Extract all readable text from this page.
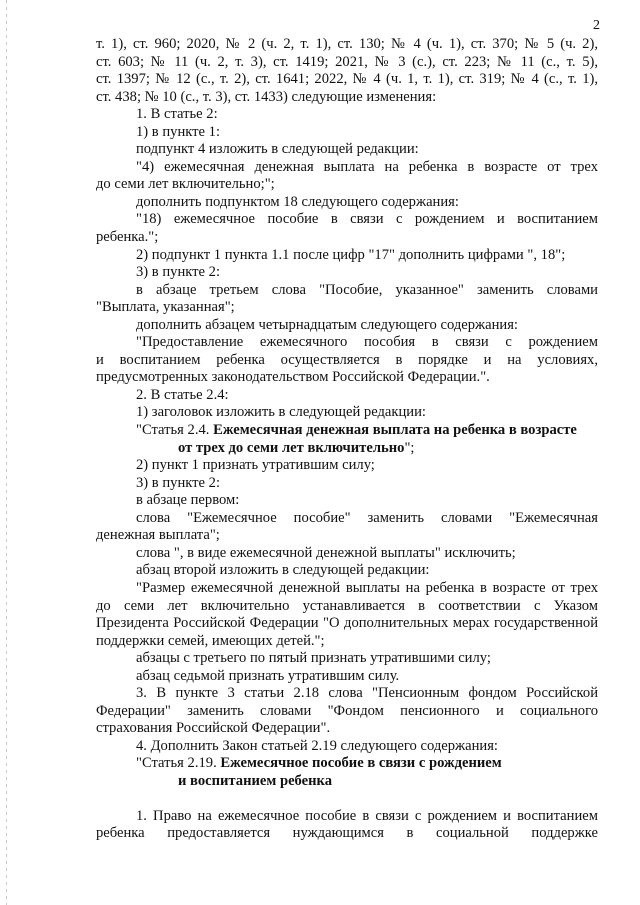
2

т. 1), ст. 960; 2020, № 2 (ч. 2, т. 1), ст. 130; № 4 (ч. 1), ст. 370; № 5 (ч. 2),

ст. 603; № 11 (ч. 2, т. 3), ст. 1419; 2021, № 3 (с.), ст. 223; № 11 (с., т. 5),

ст. 1397; № 12 (с., т. 2), ст. 1641; 2022, № 4 (ч. 1, т. 1), ст. 319; № 4 (с., т. 1),

ст. 438; № 10 (с., т. 3), ст. 1433) следующие изменения:

1. В статье 2:

1) в пункте 1:

подпункт 4 изложить в следующей редакции:

"4) ежемесячная денежная выплата на ребенка в возрасте от трех

до семи лет включительно;";

дополнить подпунктом 18 следующего содержания:

"18) ежемесячное пособие в связи с рождением и воспитанием

ребенка.";

2) подпункт 1 пункта 1.1 после цифр "17" дополнить цифрами ", 18";

3) в пункте 2:

в абзаце третьем слова "Пособие, указанное" заменить словами

"Выплата, указанная";

дополнить абзацем четырнадцатым следующего содержания:

"Предоставление ежемесячного пособия в связи с рождением

и воспитанием ребенка осуществляется в порядке и на условиях,

предусмотренных законодательством Российской Федерации.".

2. В статье 2.4:

1) заголовок изложить в следующей редакции:

"Статья 2.4. Ежемесячная денежная выплата на ребенка в возрасте

от трех до семи лет включительно";

2) пункт 1 признать утратившим силу;

3) в пункте 2:

в абзаце первом:

слова "Ежемесячное пособие" заменить словами "Ежемесячная

денежная выплата";

слова ", в виде ежемесячной денежной выплаты" исключить;

абзац второй изложить в следующей редакции:

"Размер ежемесячной денежной выплаты на ребенка в возрасте от трех

до семи лет включительно устанавливается в соответствии с Указом

Президента Российской Федерации "О дополнительных мерах государственной

поддержки семей, имеющих детей.";

абзацы с третьего по пятый признать утратившими силу;

абзац седьмой признать утратившим силу.

3. В пункте 3 статьи 2.18 слова "Пенсионным фондом Российской

Федерации" заменить словами "Фондом пенсионного и социального

страхования Российской Федерации".

4. Дополнить Закон статьей 2.19 следующего содержания:

"Статья 2.19. Ежемесячное пособие в связи с рождением

и воспитанием ребенка

1. Право на ежемесячное пособие в связи с рождением и воспитанием

ребенка предоставляется нуждающимся в социальной поддержке
